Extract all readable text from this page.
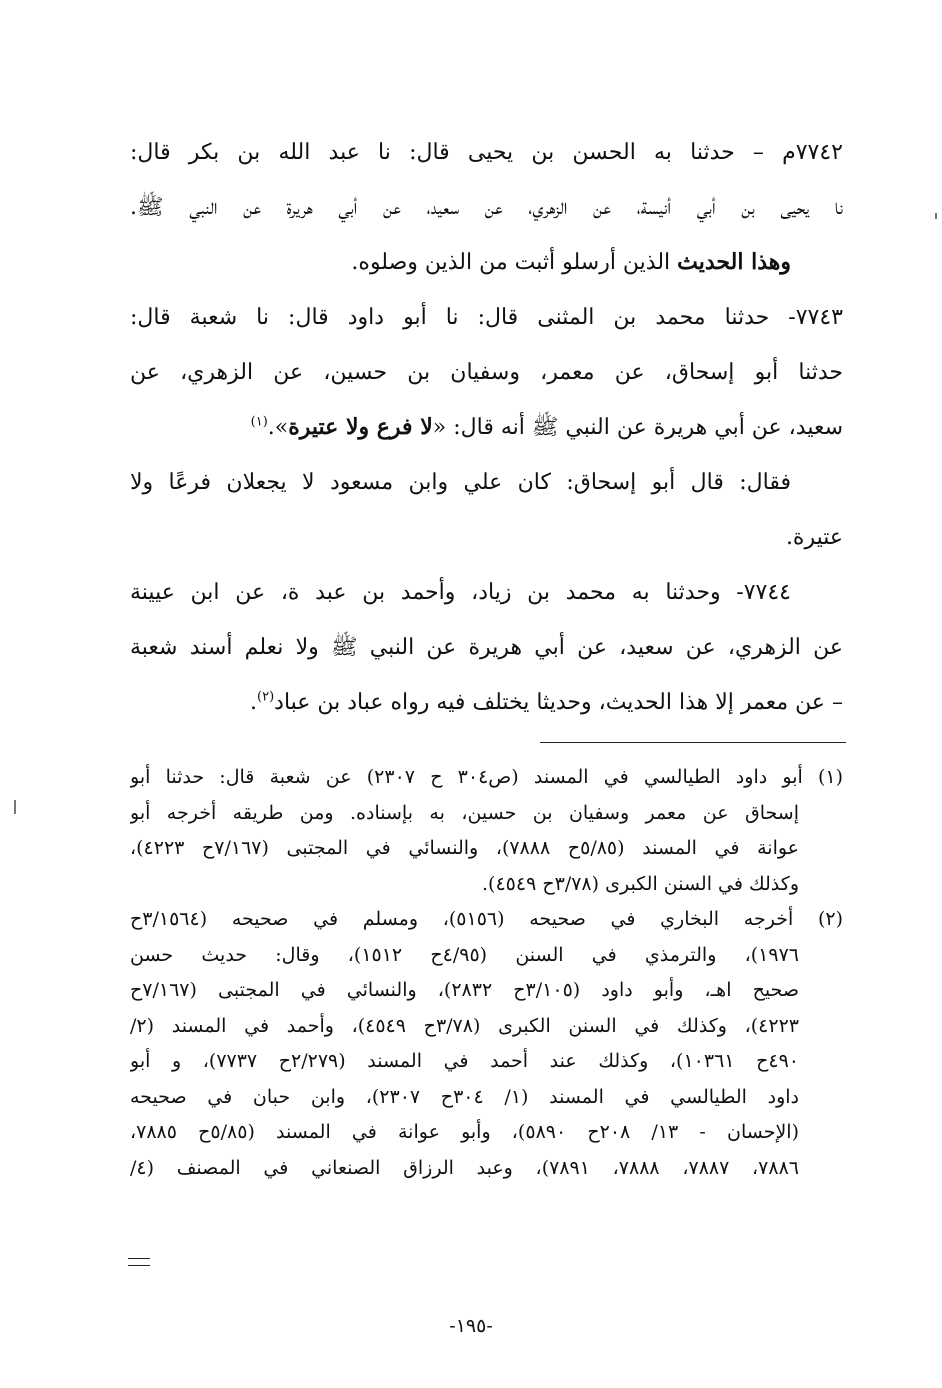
٧٧٤٢م – حدثنا به الحسن بن يحيى قال: نا عبد الله بن بكر قال:
نا يحيى بن أبي أنيسة، عن الزهري، عن سعيد، عن أبي هريرة عن النبي ﷺ.
وهذا الحديث الذين أرسلو أثبت من الذين وصلوه.
٧٧٤٣- حدثنا محمد بن المثنى قال: نا أبو داود قال: نا شعبة قال:
حدثنا أبو إسحاق، عن معمر، وسفيان بن حسين، عن الزهري، عن
سعيد، عن أبي هريرة عن النبي ﷺ أنه قال: «لا فرع ولا عتيرة».$^{(١)}$
فقال: قال أبو إسحاق: كان علي وابن مسعود لا يجعلان فرعًا ولا
عتيرة.
٧٧٤٤- وحدثنا به محمد بن زياد، وأحمد بن عبد ة، عن ابن عيينة
عن الزهري، عن سعيد، عن أبي هريرة عن النبي ﷺ ولا نعلم أسند شعبة
– عن معمر إلا هذا الحديث، وحديثا يختلف فيه رواه عباد بن عباد$^{(٢)}$.
(١) أبو داود الطيالسي في المسند (ص٣٠٤ ح ٢٣٠٧) عن شعبة قال: حدثنا أبو
إسحاق عن معمر وسفيان بن حسين، به بإسناده. ومن طريقه أخرجه أبو
عوانة في المسند (٥/٨٥ح ٧٨٨٨)، والنسائي في المجتبى (٧/١٦٧ح ٤٢٢٣)،
وكذلك في السنن الكبرى (٣/٧٨ح ٤٥٤٩).
(٢) أخرجه البخاري في صحيحه (٥١٥٦)، ومسلم في صحيحه (٣/١٥٦٤ح
١٩٧٦)، والترمذي في السنن (٤/٩٥ح ١٥١٢)، وقال: حديث حسن
صحيح اهـ، وأبو داود (٣/١٠٥ح ٢٨٣٢)، والنسائي في المجتبى (٧/١٦٧ح
٤٢٢٣)، وكذلك في السنن الكبرى (٣/٧٨ح ٤٥٤٩)، وأحمد في المسند (٢/
٤٩٠ح ١٠٣٦١)، وكذلك عند أحمد في المسند (٢/٢٧٩ح ٧٧٣٧)، و أبو
داود الطيالسي في المسند (١/ ٣٠٤ح ٢٣٠٧)، وابن حبان في صحيحه
(الإحسان - ١٣/ ٢٠٨ح ٥٨٩٠)، وأبو عوانة في المسند (٥/٨٥ح ٧٨٨٥،
٧٨٨٦، ٧٨٨٧، ٧٨٨٨، ٧٨٩١)، وعبد الرزاق الصنعاني في المصنف (٤/
-١٩٥-
